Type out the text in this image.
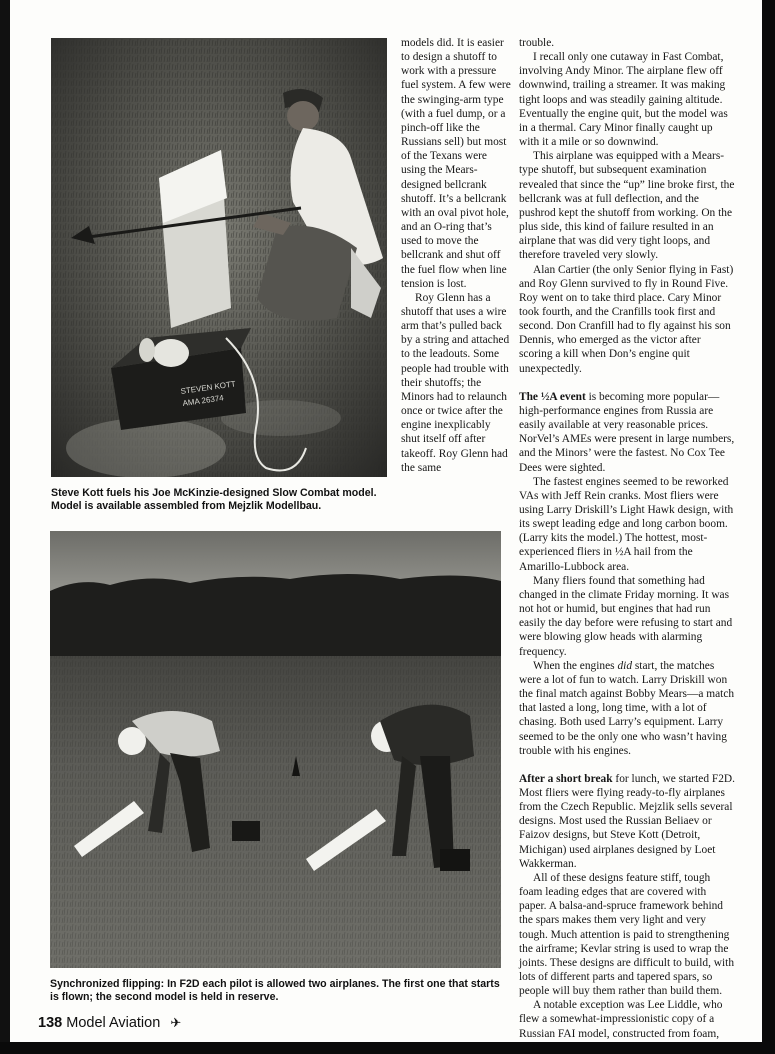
STEVEN KOTT
AMA 26374
Steve Kott fuels his Joe McKinzie-designed Slow Combat model. Model is available assembled from Mejzlik Modellbau.
Synchronized flipping: In F2D each pilot is allowed two airplanes. The first one that starts is flown; the second model is held in reserve.

models did. It is easier to design a shutoff to work with a pressure fuel system. A few were the swinging-arm type (with a fuel dump, or a pinch-off like the Russians sell) but most of the Texans were using the Mears-designed bellcrank shutoff. It’s a bellcrank with an oval pivot hole, and an O-ring that’s used to move the bellcrank and shut off the fuel flow when line tension is lost.

Roy Glenn has a shutoff that uses a wire arm that’s pulled back by a string and attached to the leadouts. Some people had trouble with their shutoffs; the Minors had to relaunch once or twice after the engine inexplicably shut itself off after takeoff. Roy Glenn had the same

trouble.

I recall only one cutaway in Fast Combat, involving Andy Minor. The airplane flew off downwind, trailing a streamer. It was making tight loops and was steadily gaining altitude. Eventually the engine quit, but the model was in a thermal. Cary Minor finally caught up with it a mile or so downwind.

This airplane was equipped with a Mears-type shutoff, but subsequent examination revealed that since the “up” line broke first, the bellcrank was at full deflection, and the pushrod kept the shutoff from working. On the plus side, this kind of failure resulted in an airplane that was did very tight loops, and therefore traveled very slowly.

Alan Cartier (the only Senior flying in Fast) and Roy Glenn survived to fly in Round Five. Roy went on to take third place. Cary Minor took fourth, and the Cranfills took first and second. Don Cranfill had to fly against his son Dennis, who emerged as the victor after scoring a kill when Don’s engine quit unexpectedly.

The ½A event is becoming more popular—high-performance engines from Russia are easily available at very reasonable prices. NorVel’s AMEs were present in large numbers, and the Minors’ were the fastest. No Cox Tee Dees were sighted.

The fastest engines seemed to be reworked VAs with Jeff Rein cranks. Most fliers were using Larry Driskill’s Light Hawk design, with its swept leading edge and long carbon boom. (Larry kits the model.) The hottest, most-experienced fliers in ½A hail from the Amarillo-Lubbock area.

Many fliers found that something had changed in the climate Friday morning. It was not hot or humid, but engines that had run easily the day before were refusing to start and were blowing glow heads with alarming frequency.

When the engines did start, the matches were a lot of fun to watch. Larry Driskill won the final match against Bobby Mears—a match that lasted a long, long time, with a lot of chasing. Both used Larry’s equipment. Larry seemed to be the only one who wasn’t having trouble with his engines.

After a short break for lunch, we started F2D. Most fliers were flying ready-to-fly airplanes from the Czech Republic. Mejzlik sells several designs. Most used the Russian Beliaev or Faizov designs, but Steve Kott (Detroit, Michigan) used airplanes designed by Loet Wakkerman.

All of these designs feature stiff, tough foam leading edges that are covered with paper. A balsa-and-spruce framework behind the spars makes them very light and very tough. Much attention is paid to strengthening the airframe; Kevlar string is used to wrap the joints. These designs are difficult to build, with lots of different parts and tapered spars, so people will buy them rather than build them.

A notable exception was Lee Liddle, who flew a somewhat-impressionistic copy of a Russian FAI model, constructed from foam,

138 Model Aviation ✈
